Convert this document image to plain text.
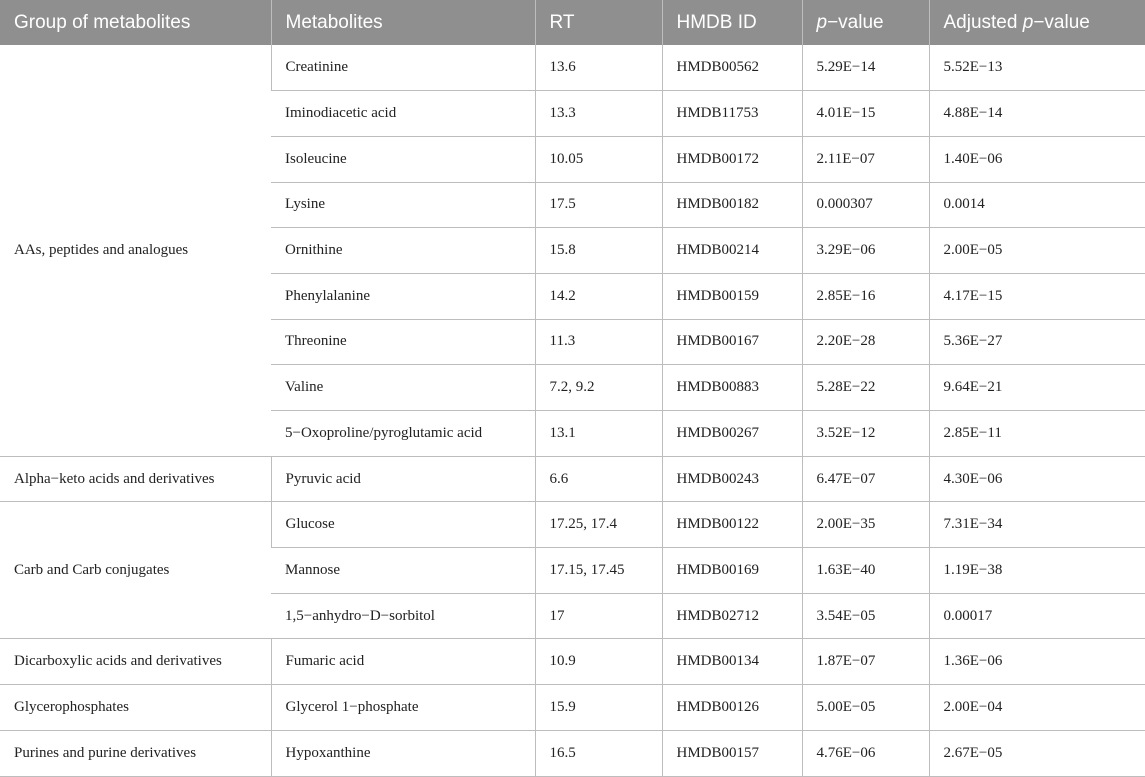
Group of metabolites	Metabolites	RT	HMDB ID	p−value	Adjusted p−value
AAs, peptides and analogues	Creatinine	13.6	HMDB00562	5.29E−14	5.52E−13
	Iminodiacetic acid	13.3	HMDB11753	4.01E−15	4.88E−14
	Isoleucine	10.05	HMDB00172	2.11E−07	1.40E−06
	Lysine	17.5	HMDB00182	0.000307	0.0014
	Ornithine	15.8	HMDB00214	3.29E−06	2.00E−05
	Phenylalanine	14.2	HMDB00159	2.85E−16	4.17E−15
	Threonine	11.3	HMDB00167	2.20E−28	5.36E−27
	Valine	7.2, 9.2	HMDB00883	5.28E−22	9.64E−21
	5−Oxoproline/pyroglutamic acid	13.1	HMDB00267	3.52E−12	2.85E−11
Alpha−keto acids and derivatives	Pyruvic acid	6.6	HMDB00243	6.47E−07	4.30E−06
Carb and Carb conjugates	Glucose	17.25, 17.4	HMDB00122	2.00E−35	7.31E−34
	Mannose	17.15, 17.45	HMDB00169	1.63E−40	1.19E−38
	1,5−anhydro−D−sorbitol	17	HMDB02712	3.54E−05	0.00017
Dicarboxylic acids and derivatives	Fumaric acid	10.9	HMDB00134	1.87E−07	1.36E−06
Glycerophosphates	Glycerol 1−phosphate	15.9	HMDB00126	5.00E−05	2.00E−04
Purines and purine derivatives	Hypoxanthine	16.5	HMDB00157	4.76E−06	2.67E−05
